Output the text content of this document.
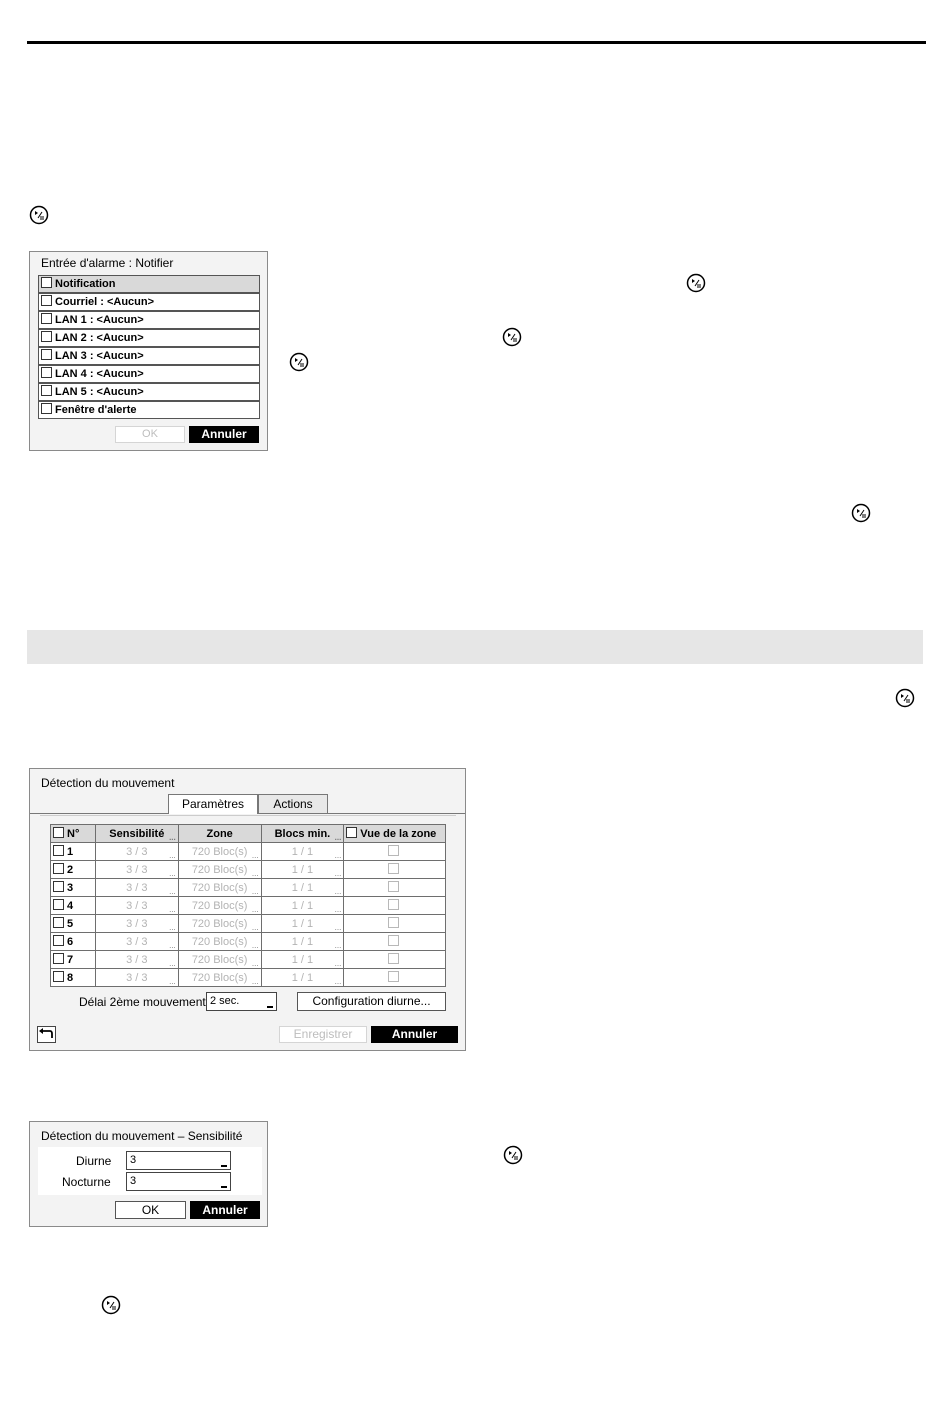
Entrée d'alarme : Notifier
Notification
Courriel : <Aucun>
LAN 1 : <Aucun>
LAN 2 : <Aucun>
LAN 3 : <Aucun>
LAN 4 : <Aucun>
LAN 5 : <Aucun>
Fenêtre d'alerte
OK	Annuler
Détection du mouvement
Paramètres	Actions
N°	Sensibilité ...	Zone	Blocs min. ...	Vue de la zone
1	3 / 3 ...	720 Bloc(s) ...	1 / 1 ...	

2	3 / 3 ...	720 Bloc(s) ...	1 / 1 ...	

3	3 / 3 ...	720 Bloc(s) ...	1 / 1 ...	

4	3 / 3 ...	720 Bloc(s) ...	1 / 1 ...	

5	3 / 3 ...	720 Bloc(s) ...	1 / 1 ...	

6	3 / 3 ...	720 Bloc(s) ...	1 / 1 ...	

7	3 / 3 ...	720 Bloc(s) ...	1 / 1 ...	

8	3 / 3 ...	720 Bloc(s) ...	1 / 1 ...	

Délai 2ème mouvement 2 sec.	Configuration diurne...
Enregistrer	Annuler
Détection du mouvement – Sensibilité
Diurne	3
Nocturne	3
OK	Annuler
